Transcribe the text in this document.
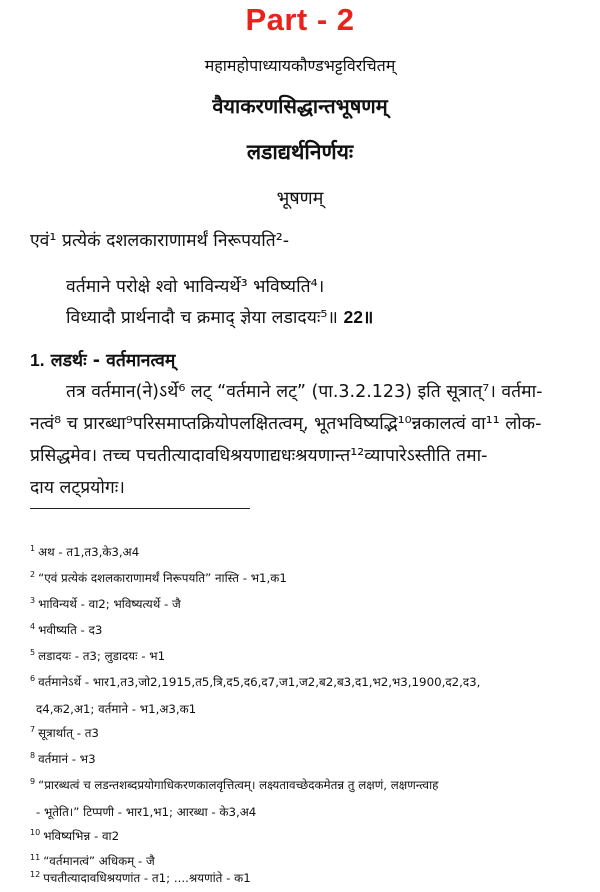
Part - 2
महामहोपाध्यायकौण्डभट्टविरचितम्
वैयाकरणसिद्धान्तभूषणम्
लडाद्यर्थनिर्णयः
भूषणम्
एवं¹ प्रत्येकं दशलकाराणामर्थं निरूपयति²-
वर्तमाने परोक्षे श्वो भाविन्यर्थे³ भविष्यति⁴।
विध्यादौ प्रार्थनादौ च क्रमाद् ज्ञेया लडादयः⁵॥ 22॥
1. लडर्थः - वर्तमानत्वम्
तत्र वर्तमान(ने)ऽर्थे⁶ लट् “वर्तमाने लट्” (पा.3.2.123) इति सूत्रात्⁷। वर्तमा-
नत्वं⁸ च प्रारब्धा⁹परिसमाप्तक्रियोपलक्षितत्वम्, भूतभविष्यद्भि¹⁰न्नकालत्वं वा¹¹ लोक-
प्रसिद्धमेव। तच्च पचतीत्यादावधिश्रयणाद्यधःश्रयणान्त¹²व्यापारेऽस्तीति तमा-
दाय लट्प्रयोगः।
$^1$ अथ - त1,त3,के3,अ4
$^2$ “एवं प्रत्येकं दशलकाराणामर्थं निरूपयति” नास्ति - भ1,क1
$^3$ भाविन्यर्थे - वा2; भविष्यत्यर्थे - जै
$^4$ भवीष्यति - द3
$^5$ लडादयः - त3; लुडादयः - भ1
$^6$ वर्तमानेऽर्थे - भार1,त3,जो2,1915,त5,त्रि,द5,द6,द7,ज1,ज2,ब2,ब3,द1,भ2,भ3,1900,द2,द3,
द4,क2,अ1; वर्तमाने - भ1,अ3,क1
$^7$ सूत्रार्थात् - त3
$^8$ वर्तमानं - भ3
$^9$ “प्रारब्धत्वं च लडन्तशब्दप्रयोगाधिकरणकालवृत्तित्वम्। लक्ष्यतावच्छेदकमेतन्न तु लक्षणं, लक्षणन्त्वाह
- भूतेति।” टिप्पणी - भार1,भ1; आरब्धा - के3,अ4
$^{10}$ भविष्यभिन्न - वा2
$^{11}$ “वर्तमानत्वं” अधिकम् - जै
$^{12}$ पचतीत्यादावधिश्रयणांत - त1; ....श्रयणांते - क1
